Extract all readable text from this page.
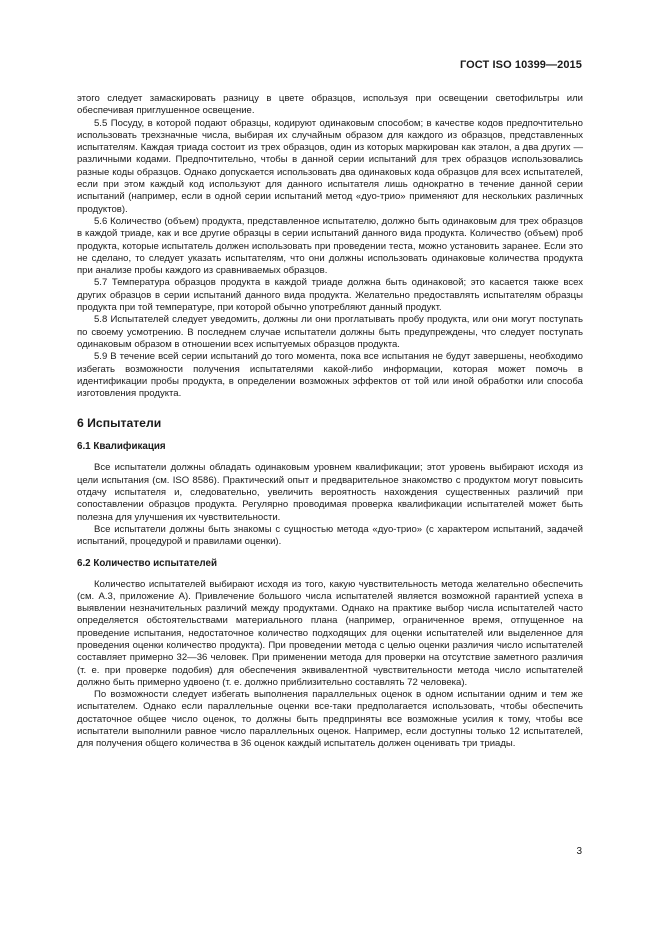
ГОСТ ISO 10399—2015

этого следует замаскировать разницу в цвете образцов, используя при освещении светофильтры или обеспечивая приглушенное освещение.

5.5 Посуду, в которой подают образцы, кодируют одинаковым способом; в качестве кодов предпочтительно использовать трехзначные числа, выбирая их случайным образом для каждого из образцов, представленных испытателям. Каждая триада состоит из трех образцов, один из которых маркирован как эталон, а два других — различными кодами. Предпочтительно, чтобы в данной серии испытаний для трех образцов использовались разные коды образцов. Однако допускается использовать два одинаковых кода образцов для всех испытателей, если при этом каждый код используют для данного испытателя лишь однократно в течение данной серии испытаний (например, если в одной серии испытаний метод «дуо-трио» применяют для нескольких различных продуктов).

5.6 Количество (объем) продукта, представленное испытателю, должно быть одинаковым для трех образцов в каждой триаде, как и все другие образцы в серии испытаний данного вида продукта. Количество (объем) проб продукта, которые испытатель должен использовать при проведении теста, можно установить заранее. Если это не сделано, то следует указать испытателям, что они должны использовать одинаковые количества продукта при анализе пробы каждого из сравниваемых образцов.

5.7 Температура образцов продукта в каждой триаде должна быть одинаковой; это касается также всех других образцов в серии испытаний данного вида продукта. Желательно предоставлять испытателям образцы продукта при той температуре, при которой обычно употребляют данный продукт.

5.8 Испытателей следует уведомить, должны ли они проглатывать пробу продукта, или они могут поступать по своему усмотрению. В последнем случае испытатели должны быть предупреждены, что следует поступать одинаковым образом в отношении всех испытуемых образцов продукта.

5.9 В течение всей серии испытаний до того момента, пока все испытания не будут завершены, необходимо избегать возможности получения испытателями какой-либо информации, которая может помочь в идентификации пробы продукта, в определении возможных эффектов от той или иной обработки или способа изготовления продукта.

6 Испытатели
6.1 Квалификация

Все испытатели должны обладать одинаковым уровнем квалификации; этот уровень выбирают исходя из цели испытания (см. ISO 8586). Практический опыт и предварительное знакомство с продуктом могут повысить отдачу испытателя и, следовательно, увеличить вероятность нахождения существенных различий при сопоставлении образцов продукта. Регулярно проводимая проверка квалификации испытателей может быть полезна для улучшения их чувствительности.

Все испытатели должны быть знакомы с сущностью метода «дуо-трио» (с характером испытаний, задачей испытаний, процедурой и правилами оценки).

6.2 Количество испытателей

Количество испытателей выбирают исходя из того, какую чувствительность метода желательно обеспечить (см. А.3, приложение А). Привлечение большого числа испытателей является возможной гарантией успеха в выявлении незначительных различий между продуктами. Однако на практике выбор числа испытателей часто определяется обстоятельствами материального плана (например, ограниченное время, отпущенное на проведение испытания, недостаточное количество подходящих для оценки испытателей или выделенное для проведения оценки количество продукта). При проведении метода с целью оценки различия число испытателей составляет примерно 32—36 человек. При применении метода для проверки на отсутствие заметного различия (т. е. при проверке подобия) для обеспечения эквивалентной чувствительности метода число испытателей должно быть примерно удвоено (т. е. должно приблизительно составлять 72 человека).

По возможности следует избегать выполнения параллельных оценок в одном испытании одним и тем же испытателем. Однако если параллельные оценки все-таки предполагается использовать, чтобы обеспечить достаточное общее число оценок, то должны быть предприняты все возможные усилия к тому, чтобы все испытатели выполнили равное число параллельных оценок. Например, если доступны только 12 испытателей, для получения общего количества в 36 оценок каждый испытатель должен оценивать три триады.

3
